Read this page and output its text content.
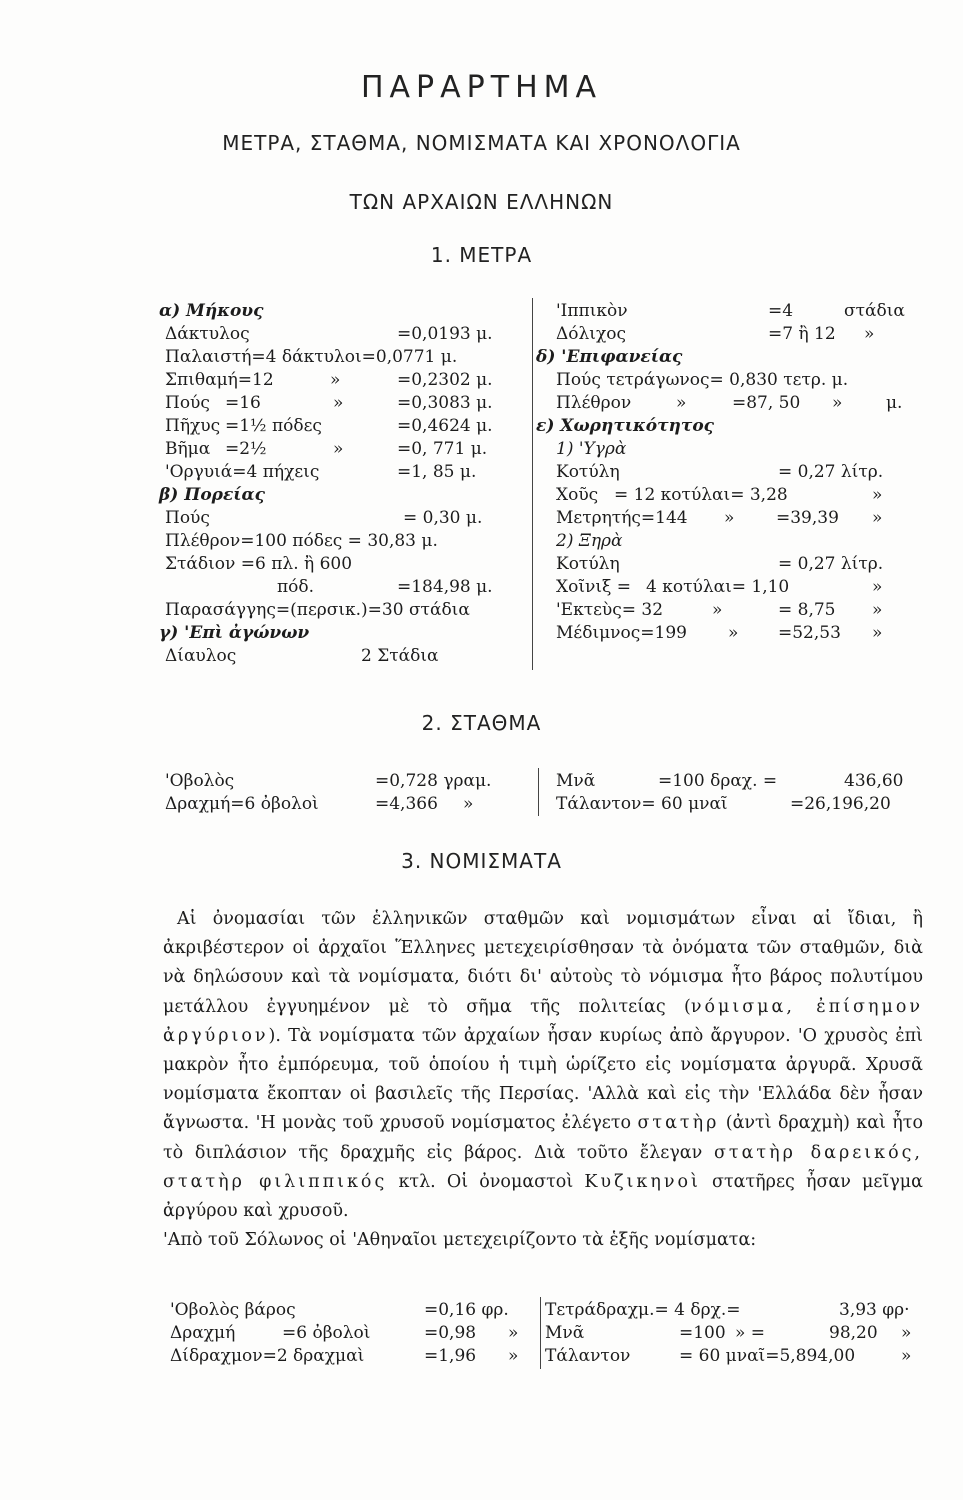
ΠΑΡΑΡΤΗΜΑ
ΜΕΤΡΑ, ΣΤΑΘΜΑ, ΝΟΜΙΣΜΑΤΑ ΚΑΙ ΧΡΟΝΟΛΟΓΙΑ
ΤΩΝ ΑΡΧΑΙΩΝ ΕΛΛΗΝΩΝ
1. ΜΕΤΡΑ
α) Μήκους
Δάκτυλος	=0,0193 μ.
Παλαιστή=4 δάκτυλοι=0,0771 μ.
Σπιθαμή=12	»	=0,2302 μ.
Πούς =16	»	=0,3083 μ.
Πῆχυς =1½ πόδες	=0,4624 μ.
Βῆμα =2½	»	=0, 771 μ.
'Οργυιά=4 πήχεις	=1, 85 μ.
β) Πορείας
Πούς	= 0,30 μ.
Πλέθρον=100 πόδες = 30,83 μ.
Στάδιον =6 πλ. ἢ 600
πόδ.	=184,98 μ.
Παρασάγγης=(περσικ.)=30 στάδια
γ) 'Επὶ ἀγώνων
Δίαυλος	2 Στάδια
'Ιππικὸν	=4	στάδια
Δόλιχος	=7 ἢ 12 »
δ) 'Επιφανείας
Πούς τετράγωνος= 0,830 τετρ. μ.
Πλέθρον	»	=87, 50 »	μ.
ε) Χωρητικότητος
1) 'Υγρὰ
Κοτύλη	= 0,27 λίτρ.
Χοῦς = 12 κοτύλαι= 3,28	»
Μετρητής=144 » =39,39 »
2) Ξηρὰ
Κοτύλη	= 0,27 λίτρ.
Χοῖνιξ = 4 κοτύλαι= 1,10	»
'Εκτεὺς= 32	»	= 8,75 »
Μέδιμνος=199 » =52,53 »
2. ΣΤΑΘΜΑ
'Οβολὸς	=0,728 γραμ.
Δραχμή=6 ὀβολοὶ	=4,366 »
Μνᾶ	=100 δραχ. =	436,60
Τάλαντον= 60 μναῖ	=26,196,20
3. ΝΟΜΙΣΜΑΤΑ

Αἱ ὀνομασίαι τῶν ἑλληνικῶν σταθμῶν καὶ νομισμάτων εἶναι αἱ ἴδιαι, ἢ ἀκριβέστερον οἱ ἀρχαῖοι Ἕλληνες μετεχειρίσθησαν τὰ ὀνόματα τῶν σταθμῶν, διὰ νὰ δηλώσουν καὶ τὰ νομίσματα, διότι δι' αὐτοὺς τὸ νόμισμα ἦτο βάρος πολυτίμου μετάλλου ἐγγυημένον μὲ τὸ σῆμα τῆς πολιτείας (νόμισμα, ἐπίσημον ἀργύριον). Τὰ νομίσματα τῶν ἀρχαίων ἦσαν κυρίως ἀπὸ ἄργυρον. 'Ο χρυσὸς ἐπὶ μακρὸν ἦτο ἐμπόρευμα, τοῦ ὁποίου ἡ τιμὴ ὡρίζετο εἰς νομίσματα ἀργυρᾶ. Χρυσᾶ νομίσματα ἔκοπταν οἱ βασιλεῖς τῆς Περσίας. 'Αλλὰ καὶ εἰς τὴν 'Ελλάδα δὲν ἦσαν ἄγνωστα. 'Η μονὰς τοῦ χρυσοῦ νομίσματος ἐλέγετο στατὴρ (ἀντὶ δραχμὴ) καὶ ἦτο τὸ διπλάσιον τῆς δραχμῆς εἰς βάρος. Διὰ τοῦτο ἔλεγαν στατὴρ δαρεικός, στατὴρ φιλιππικός κτλ. Οἱ ὀνομαστοὶ Κυζικηνοὶ στατῆρες ἦσαν μεῖγμα ἀργύρου καὶ χρυσοῦ.

'Απὸ τοῦ Σόλωνος οἱ 'Αθηναῖοι μετεχειρίζοντο τὰ ἑξῆς νομίσματα:

'Οβολὸς βάρος	=0,16 φρ.
Δραχμή	=6 ὀβολοὶ	=0,98 »
Δίδραχμον=2 δραχμαὶ	=1,96 »
Τετράδραχμ.= 4 δρχ.=	3,93 φρ·
Μνᾶ	=100 » =	98,20 »
Τάλαντον	= 60 μναῖ=5,894,00	»
